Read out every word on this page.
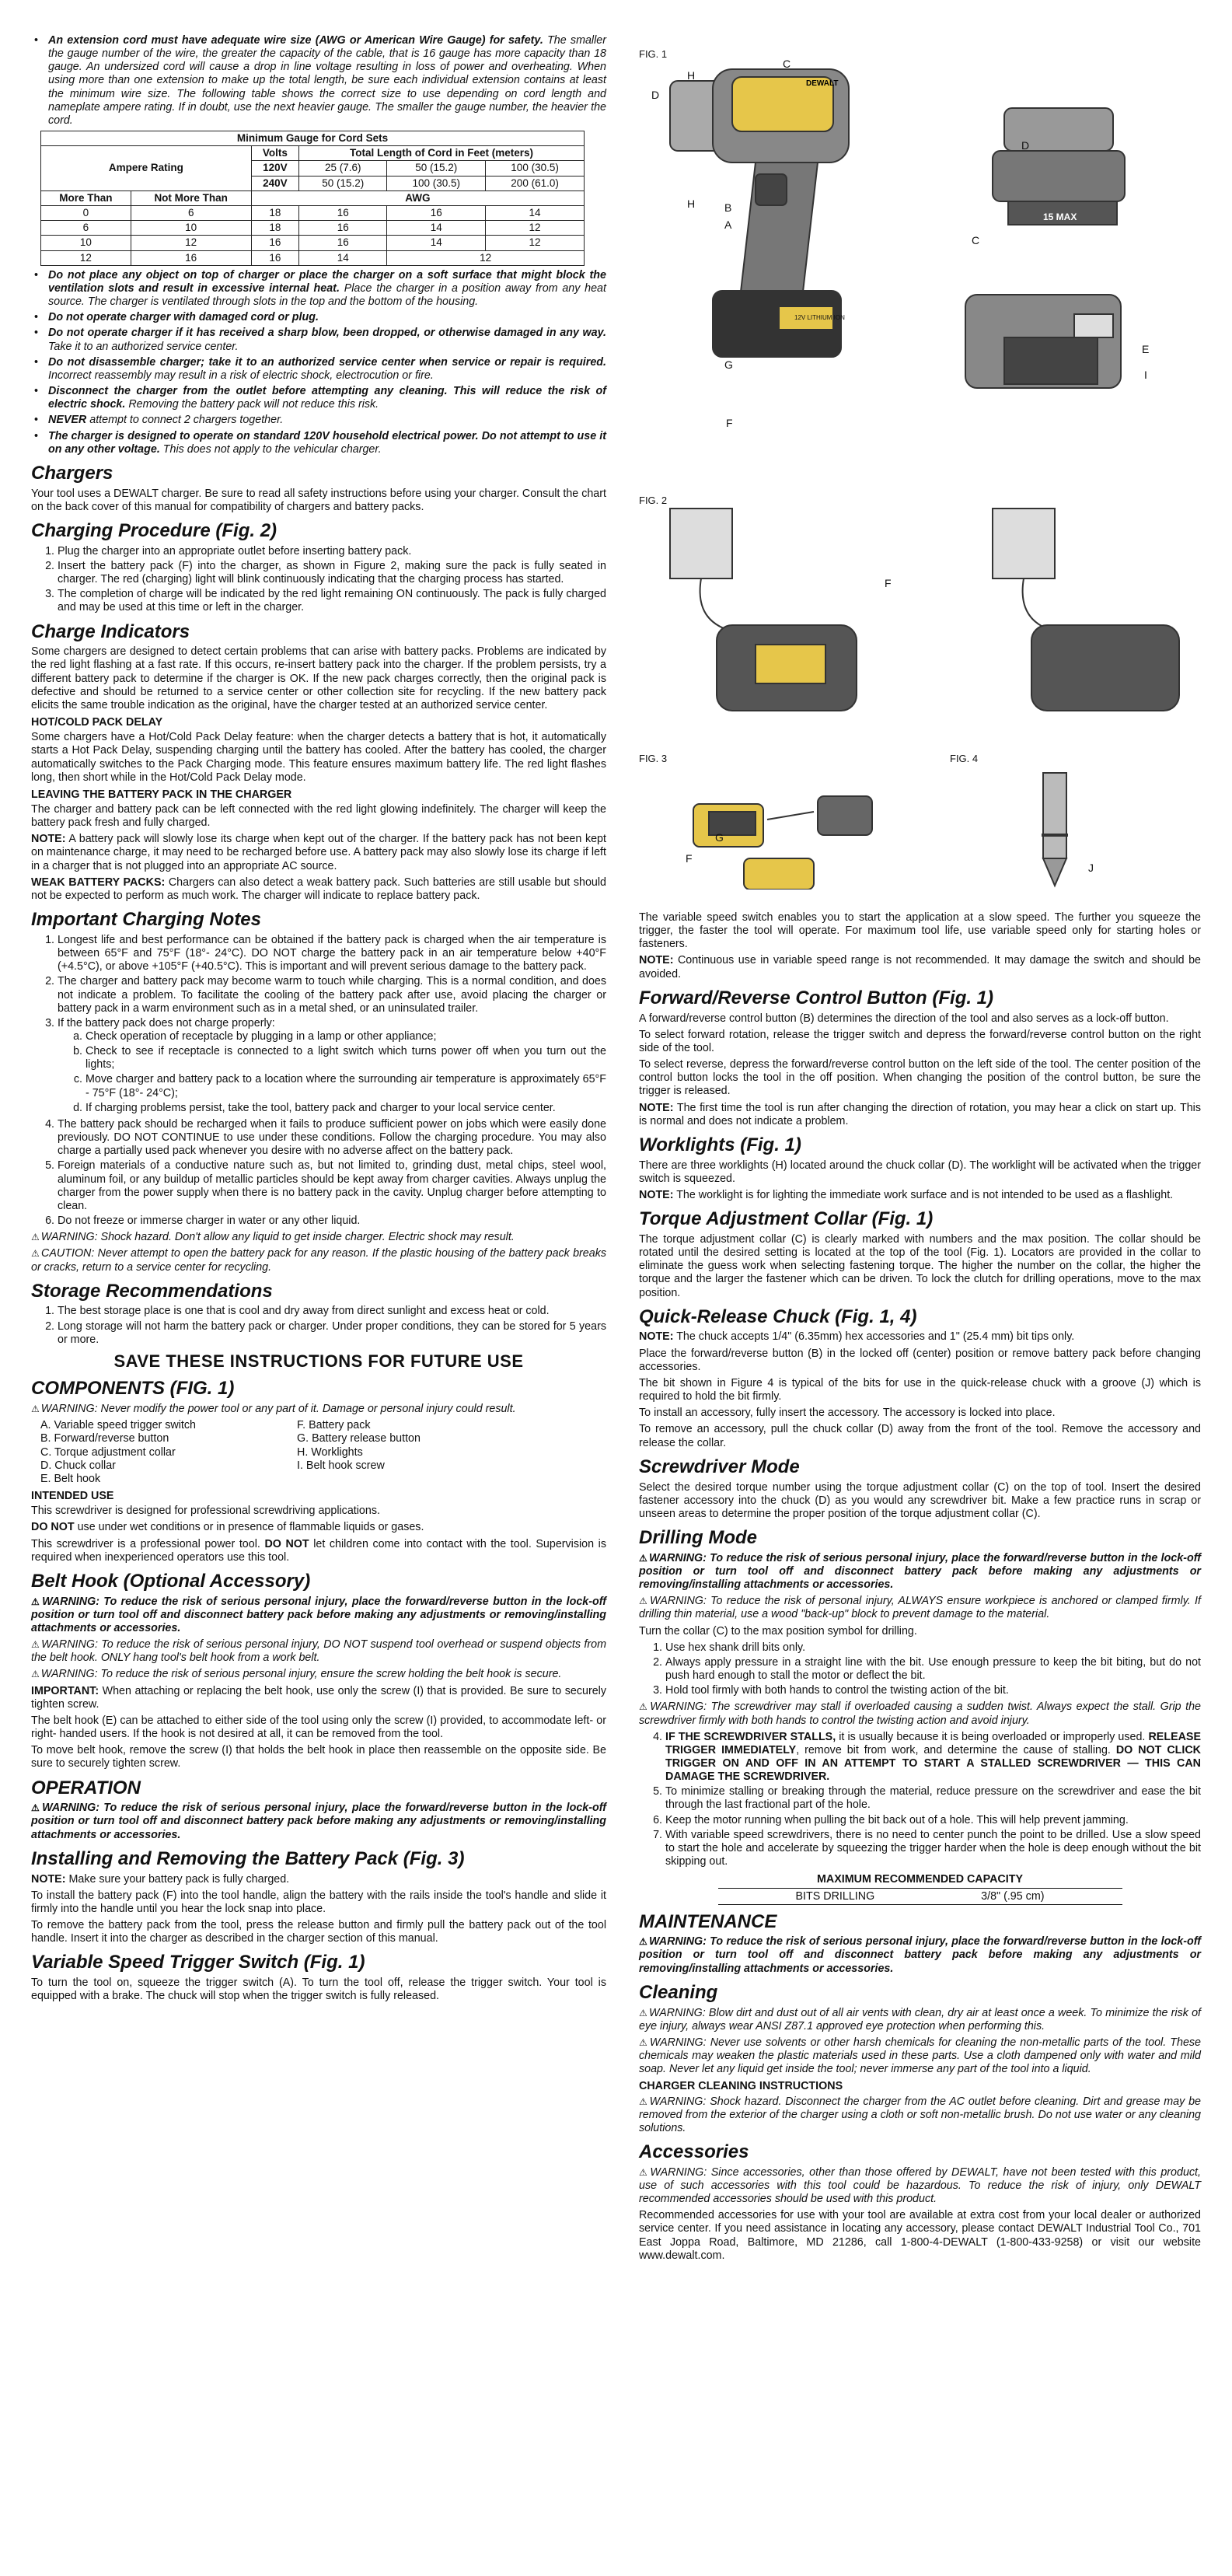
• An extension cord must have adequate wire size (AWG or American Wire Gauge) for safety. The smaller the gauge number of the wire, the greater the capacity of the cable, that is 16 gauge has more capacity than 18 gauge. An undersized cord will cause a drop in line voltage resulting in loss of power and overheating. When using more than one extension to make up the total length, be sure each individual extension contains at least the minimum wire size. The following table shows the correct size to use depending on cord length and nameplate ampere rating. If in doubt, use the next heavier gauge. The smaller the gauge number, the heavier the cord.
Minimum Gauge for Cord Sets					
Ampere Rating		Volts	Total Length of Cord in Feet (meters)		
		120V	25 (7.6)	50 (15.2)	100 (30.5)
		240V	50 (15.2)	100 (30.5)	200 (61.0)
More Than	Not More Than	AWG			
0	6	18	16	16	14
6	10	18	16	14	12
10	12	16	16	14	12
12	16	16	14	12	
• Do not place any object on top of charger or place the charger on a soft surface that might block the ventilation slots and result in excessive internal heat. Place the charger in a position away from any heat source. The charger is ventilated through slots in the top and the bottom of the housing.
• Do not operate charger with damaged cord or plug.
• Do not operate charger if it has received a sharp blow, been dropped, or otherwise damaged in any way. Take it to an authorized service center.
• Do not disassemble charger; take it to an authorized service center when service or repair is required. Incorrect reassembly may result in a risk of electric shock, electrocution or fire.
• Disconnect the charger from the outlet before attempting any cleaning. This will reduce the risk of electric shock. Removing the battery pack will not reduce this risk.
• NEVER attempt to connect 2 chargers together.
• The charger is designed to operate on standard 120V household electrical power. Do not attempt to use it on any other voltage. This does not apply to the vehicular charger.
Chargers

Your tool uses a DEWALT charger. Be sure to read all safety instructions before using your charger. Consult the chart on the back cover of this manual for compatibility of chargers and battery packs.

Charging Procedure (Fig. 2)
1. Plug the charger into an appropriate outlet before inserting battery pack.
2. Insert the battery pack (F) into the charger, as shown in Figure 2, making sure the pack is fully seated in charger. The red (charging) light will blink continuously indicating that the charging process has started.
3. The completion of charge will be indicated by the red light remaining ON continuously. The pack is fully charged and may be used at this time or left in the charger.
Charge Indicators

Some chargers are designed to detect certain problems that can arise with battery packs. Problems are indicated by the red light flashing at a fast rate. If this occurs, re-insert battery pack into the charger. If the problem persists, try a different battery pack to determine if the charger is OK. If the new pack charges correctly, then the original pack is defective and should be returned to a service center or other collection site for recycling. If the new battery pack elicits the same trouble indication as the original, have the charger tested at an authorized service center.

HOT/COLD PACK DELAY

Some chargers have a Hot/Cold Pack Delay feature: when the charger detects a battery that is hot, it automatically starts a Hot Pack Delay, suspending charging until the battery has cooled. After the battery has cooled, the charger automatically switches to the Pack Charging mode. This feature ensures maximum battery life. The red light flashes long, then short while in the Hot/Cold Pack Delay mode.

LEAVING THE BATTERY PACK IN THE CHARGER

The charger and battery pack can be left connected with the red light glowing indefinitely. The charger will keep the battery pack fresh and fully charged.

NOTE: A battery pack will slowly lose its charge when kept out of the charger. If the battery pack has not been kept on maintenance charge, it may need to be recharged before use. A battery pack may also slowly lose its charge if left in a charger that is not plugged into an appropriate AC source.

WEAK BATTERY PACKS: Chargers can also detect a weak battery pack. Such batteries are still usable but should not be expected to perform as much work. The charger will indicate to replace battery pack.

Important Charging Notes
1. Longest life and best performance can be obtained if the battery pack is charged when the air temperature is between 65°F and 75°F (18°- 24°C). DO NOT charge the battery pack in an air temperature below +40°F (+4.5°C), or above +105°F (+40.5°C). This is important and will prevent serious damage to the battery pack.
2. The charger and battery pack may become warm to touch while charging. This is a normal condition, and does not indicate a problem. To facilitate the cooling of the battery pack after use, avoid placing the charger or battery pack in a warm environment such as in a metal shed, or an uninsulated trailer.
3. If the battery pack does not charge properly:
a. Check operation of receptacle by plugging in a lamp or other appliance;
b. Check to see if receptacle is connected to a light switch which turns power off when you turn out the lights;
c. Move charger and battery pack to a location where the surrounding air temperature is approximately 65°F - 75°F (18°- 24°C);
d. If charging problems persist, take the tool, battery pack and charger to your local service center.
4. The battery pack should be recharged when it fails to produce sufficient power on jobs which were easily done previously. DO NOT CONTINUE to use under these conditions. Follow the charging procedure. You may also charge a partially used pack whenever you desire with no adverse affect on the battery pack.
5. Foreign materials of a conductive nature such as, but not limited to, grinding dust, metal chips, steel wool, aluminum foil, or any buildup of metallic particles should be kept away from charger cavities. Always unplug the charger from the power supply when there is no battery pack in the cavity. Unplug charger before attempting to clean.
6. Do not freeze or immerse charger in water or any other liquid.

⚠ WARNING: Shock hazard. Don't allow any liquid to get inside charger. Electric shock may result.

⚠ CAUTION: Never attempt to open the battery pack for any reason. If the plastic housing of the battery pack breaks or cracks, return to a service center for recycling.

Storage Recommendations
1. The best storage place is one that is cool and dry away from direct sunlight and excess heat or cold.
2. Long storage will not harm the battery pack or charger. Under proper conditions, they can be stored for 5 years or more.
SAVE THESE INSTRUCTIONS FOR FUTURE USE
COMPONENTS (FIG. 1)

⚠ WARNING: Never modify the power tool or any part of it. Damage or personal injury could result.

A. Variable speed trigger switch	F. Battery pack
B. Forward/reverse button	G. Battery release button
C. Torque adjustment collar	H. Worklights
D. Chuck collar	I. Belt hook screw
E. Belt hook
INTENDED USE

This screwdriver is designed for professional screwdriving applications.

DO NOT use under wet conditions or in presence of flammable liquids or gases.

This screwdriver is a professional power tool. DO NOT let children come into contact with the tool. Supervision is required when inexperienced operators use this tool.

Belt Hook (Optional Accessory)

⚠ WARNING: To reduce the risk of serious personal injury, place the forward/reverse button in the lock-off position or turn tool off and disconnect battery pack before making any adjustments or removing/installing attachments or accessories.

⚠ WARNING: To reduce the risk of serious personal injury, DO NOT suspend tool overhead or suspend objects from the belt hook. ONLY hang tool's belt hook from a work belt.

⚠ WARNING: To reduce the risk of serious personal injury, ensure the screw holding the belt hook is secure.

IMPORTANT: When attaching or replacing the belt hook, use only the screw (I) that is provided. Be sure to securely tighten screw.

The belt hook (E) can be attached to either side of the tool using only the screw (I) provided, to accommodate left- or right- handed users. If the hook is not desired at all, it can be removed from the tool.

To move belt hook, remove the screw (I) that holds the belt hook in place then reassemble on the opposite side. Be sure to securely tighten screw.

OPERATION

⚠ WARNING: To reduce the risk of serious personal injury, place the forward/reverse button in the lock-off position or turn tool off and disconnect battery pack before making any adjustments or removing/installing attachments or accessories.

Installing and Removing the Battery Pack (Fig. 3)

NOTE: Make sure your battery pack is fully charged.

To install the battery pack (F) into the tool handle, align the battery with the rails inside the tool's handle and slide it firmly into the handle until you hear the lock snap into place.

To remove the battery pack from the tool, press the release button and firmly pull the battery pack out of the tool handle. Insert it into the charger as described in the charger section of this manual.

Variable Speed Trigger Switch (Fig. 1)

To turn the tool on, squeeze the trigger switch (A). To turn the tool off, release the trigger switch. Your tool is equipped with a brake. The chuck will stop when the trigger switch is fully released.

FIG. 1
FIG. 2
FIG. 3	FIG. 4
H
C
D
H	B
A
D
C
G
F
E
I
F
G
F
J
DEWALT
12V LITHIUM ION
15 MAX

The variable speed switch enables you to start the application at a slow speed. The further you squeeze the trigger, the faster the tool will operate. For maximum tool life, use variable speed only for starting holes or fasteners.

NOTE: Continuous use in variable speed range is not recommended. It may damage the switch and should be avoided.

Forward/Reverse Control Button (Fig. 1)

A forward/reverse control button (B) determines the direction of the tool and also serves as a lock-off button.

To select forward rotation, release the trigger switch and depress the forward/reverse control button on the right side of the tool.

To select reverse, depress the forward/reverse control button on the left side of the tool. The center position of the control button locks the tool in the off position. When changing the position of the control button, be sure the trigger is released.

NOTE: The first time the tool is run after changing the direction of rotation, you may hear a click on start up. This is normal and does not indicate a problem.

Worklights (Fig. 1)

There are three worklights (H) located around the chuck collar (D). The worklight will be activated when the trigger switch is squeezed.

NOTE: The worklight is for lighting the immediate work surface and is not intended to be used as a flashlight.

Torque Adjustment Collar (Fig. 1)

The torque adjustment collar (C) is clearly marked with numbers and the max position. The collar should be rotated until the desired setting is located at the top of the tool (Fig. 1). Locators are provided in the collar to eliminate the guess work when selecting fastening torque. The higher the number on the collar, the higher the torque and the larger the fastener which can be driven. To lock the clutch for drilling operations, move to the max position.

Quick-Release Chuck (Fig. 1, 4)

NOTE: The chuck accepts 1/4" (6.35mm) hex accessories and 1" (25.4 mm) bit tips only.

Place the forward/reverse button (B) in the locked off (center) position or remove battery pack before changing accessories.

The bit shown in Figure 4 is typical of the bits for use in the quick-release chuck with a groove (J) which is required to hold the bit firmly.

To install an accessory, fully insert the accessory. The accessory is locked into place.

To remove an accessory, pull the chuck collar (D) away from the front of the tool. Remove the accessory and release the collar.

Screwdriver Mode

Select the desired torque number using the torque adjustment collar (C) on the top of tool. Insert the desired fastener accessory into the chuck (D) as you would any screwdriver bit. Make a few practice runs in scrap or unseen areas to determine the proper position of the torque adjustment collar (C).

Drilling Mode

⚠ WARNING: To reduce the risk of serious personal injury, place the forward/reverse button in the lock-off position or turn tool off and disconnect battery pack before making any adjustments or removing/installing attachments or accessories.

⚠ WARNING: To reduce the risk of personal injury, ALWAYS ensure workpiece is anchored or clamped firmly. If drilling thin material, use a wood "back-up" block to prevent damage to the material.

Turn the collar (C) to the max position symbol for drilling.

1. Use hex shank drill bits only.
2. Always apply pressure in a straight line with the bit. Use enough pressure to keep the bit biting, but do not push hard enough to stall the motor or deflect the bit.
3. Hold tool firmly with both hands to control the twisting action of the bit.

⚠ WARNING: The screwdriver may stall if overloaded causing a sudden twist. Always expect the stall. Grip the screwdriver firmly with both hands to control the twisting action and avoid injury.

4. IF THE SCREWDRIVER STALLS, it is usually because it is being overloaded or improperly used. RELEASE TRIGGER IMMEDIATELY, remove bit from work, and determine the cause of stalling. DO NOT CLICK TRIGGER ON AND OFF IN AN ATTEMPT TO START A STALLED SCREWDRIVER — THIS CAN DAMAGE THE SCREWDRIVER.
5. To minimize stalling or breaking through the material, reduce pressure on the screwdriver and ease the bit through the last fractional part of the hole.
6. Keep the motor running when pulling the bit back out of a hole. This will help prevent jamming.
7. With variable speed screwdrivers, there is no need to center punch the point to be drilled. Use a slow speed to start the hole and accelerate by squeezing the trigger harder when the hole is deep enough without the bit skipping out.
MAXIMUM RECOMMENDED CAPACITY
BITS DRILLING	3/8" (.95 cm)
MAINTENANCE

⚠ WARNING: To reduce the risk of serious personal injury, place the forward/reverse button in the lock-off position or turn tool off and disconnect battery pack before making any adjustments or removing/installing attachments or accessories.

Cleaning

⚠ WARNING: Blow dirt and dust out of all air vents with clean, dry air at least once a week. To minimize the risk of eye injury, always wear ANSI Z87.1 approved eye protection when performing this.

⚠ WARNING: Never use solvents or other harsh chemicals for cleaning the non-metallic parts of the tool. These chemicals may weaken the plastic materials used in these parts. Use a cloth dampened only with water and mild soap. Never let any liquid get inside the tool; never immerse any part of the tool into a liquid.

CHARGER CLEANING INSTRUCTIONS

⚠ WARNING: Shock hazard. Disconnect the charger from the AC outlet before cleaning. Dirt and grease may be removed from the exterior of the charger using a cloth or soft non-metallic brush. Do not use water or any cleaning solutions.

Accessories

⚠ WARNING: Since accessories, other than those offered by DEWALT, have not been tested with this product, use of such accessories with this tool could be hazardous. To reduce the risk of injury, only DEWALT recommended accessories should be used with this product.

Recommended accessories for use with your tool are available at extra cost from your local dealer or authorized service center. If you need assistance in locating any accessory, please contact DEWALT Industrial Tool Co., 701 East Joppa Road, Baltimore, MD 21286, call 1-800-4-DEWALT (1-800-433-9258) or visit our website www.dewalt.com.
